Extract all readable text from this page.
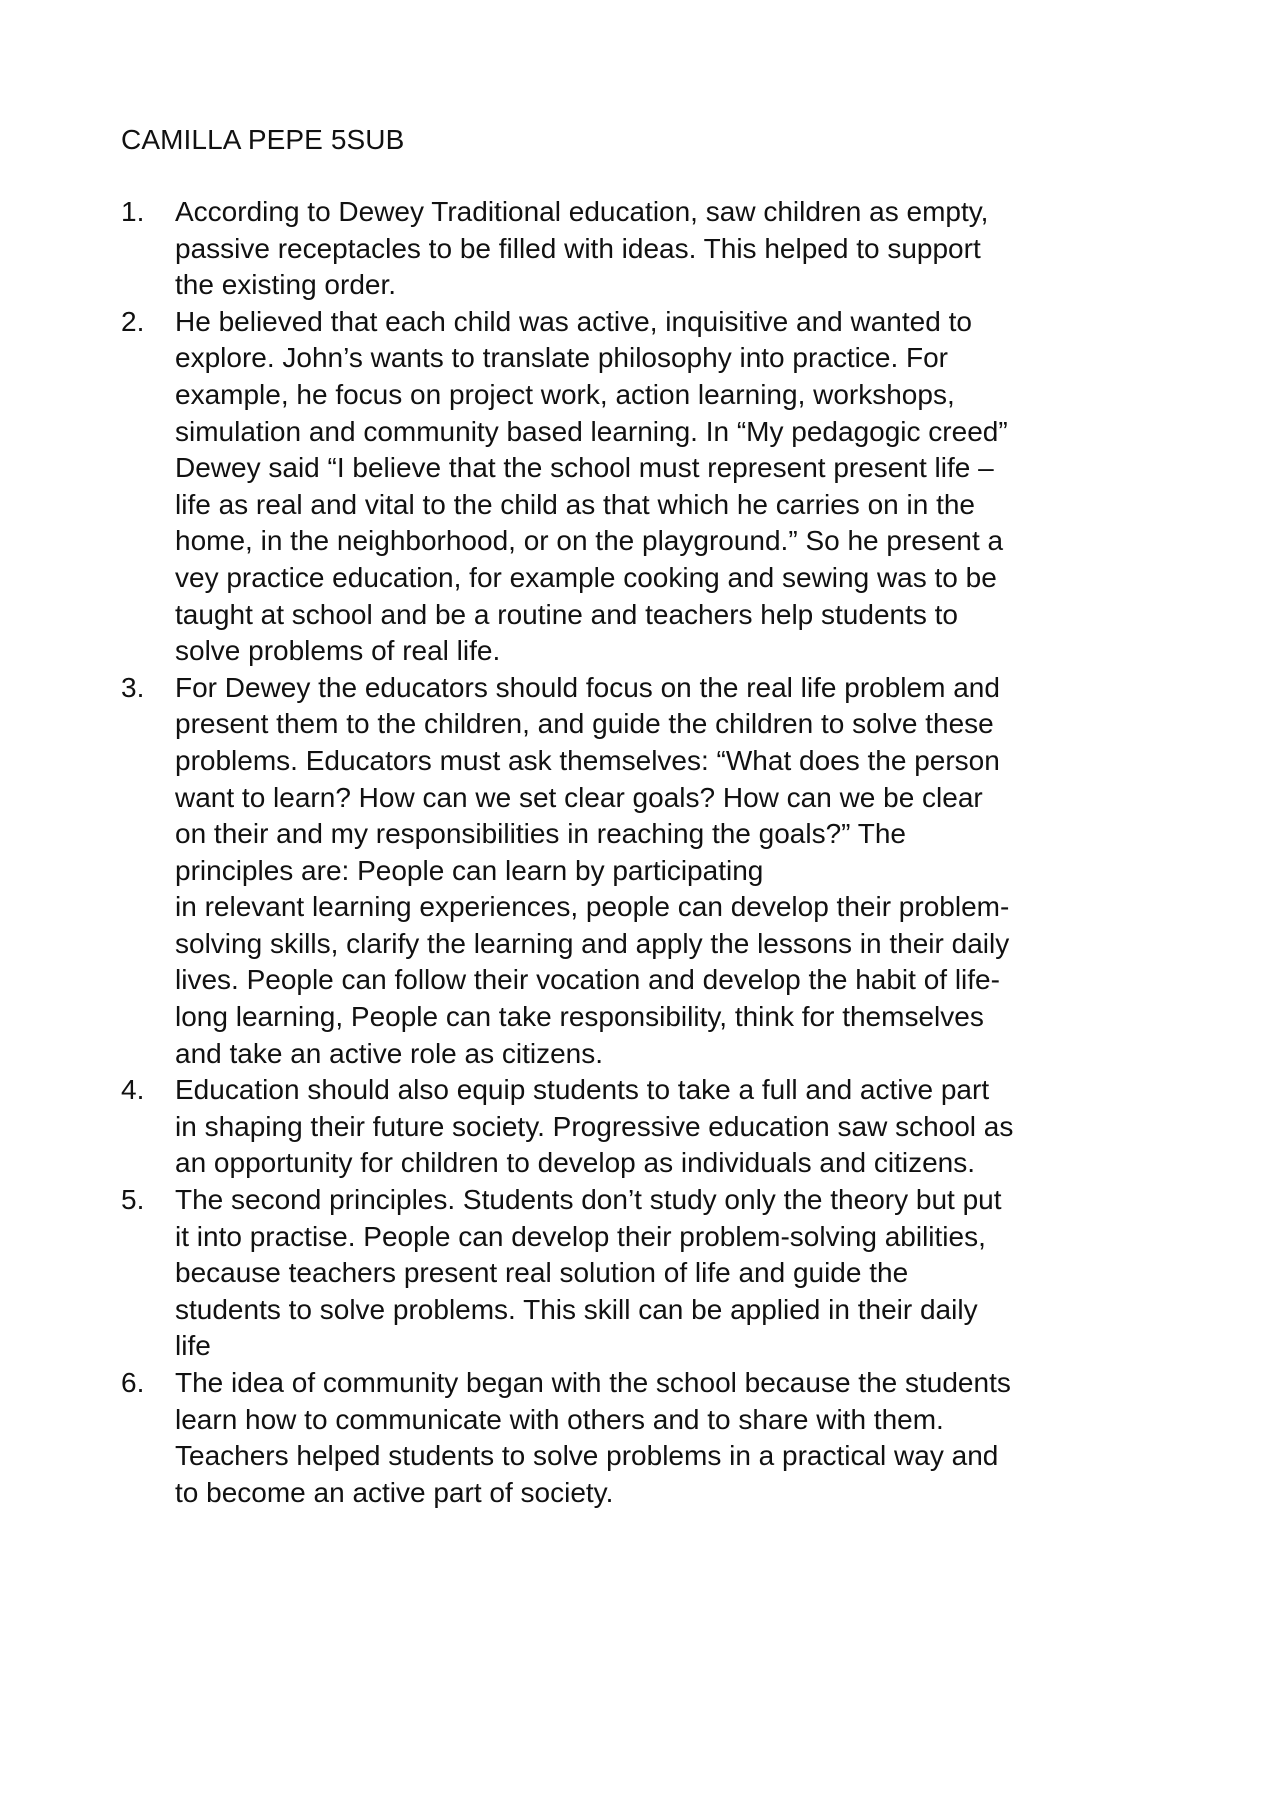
CAMILLA PEPE 5SUB
1. According to Dewey Traditional education, saw children as empty,
passive receptacles to be filled with ideas. This helped to support
the existing order.
2. He believed that each child was active, inquisitive and wanted to
explore. John’s wants to translate philosophy into practice. For
example, he focus on project work, action learning, workshops,
simulation and community based learning. In “My pedagogic creed”
Dewey said “I believe that the school must represent present life –
life as real and vital to the child as that which he carries on in the
home, in the neighborhood, or on the playground.” So he present a
vey practice education, for example cooking and sewing was to be
taught at school and be a routine and teachers help students to
solve problems of real life.
3. For Dewey the educators should focus on the real life problem and
present them to the children, and guide the children to solve these
problems. Educators must ask themselves: “What does the person
want to learn? How can we set clear goals? How can we be clear
on their and my responsibilities in reaching the goals?” The
principles are: People can learn by participating
in relevant learning experiences, people can develop their problem-
solving skills, clarify the learning and apply the lessons in their daily
lives. People can follow their vocation and develop the habit of life-
long learning, People can take responsibility, think for themselves
and take an active role as citizens.
4. Education should also equip students to take a full and active part
in shaping their future society. Progressive education saw school as
an opportunity for children to develop as individuals and citizens.
5. The second principles. Students don’t study only the theory but put
it into practise. People can develop their problem-solving abilities,
because teachers present real solution of life and guide the
students to solve problems. This skill can be applied in their daily
life
6. The idea of community began with the school because the students
learn how to communicate with others and to share with them.
Teachers helped students to solve problems in a practical way and
to become an active part of society.
